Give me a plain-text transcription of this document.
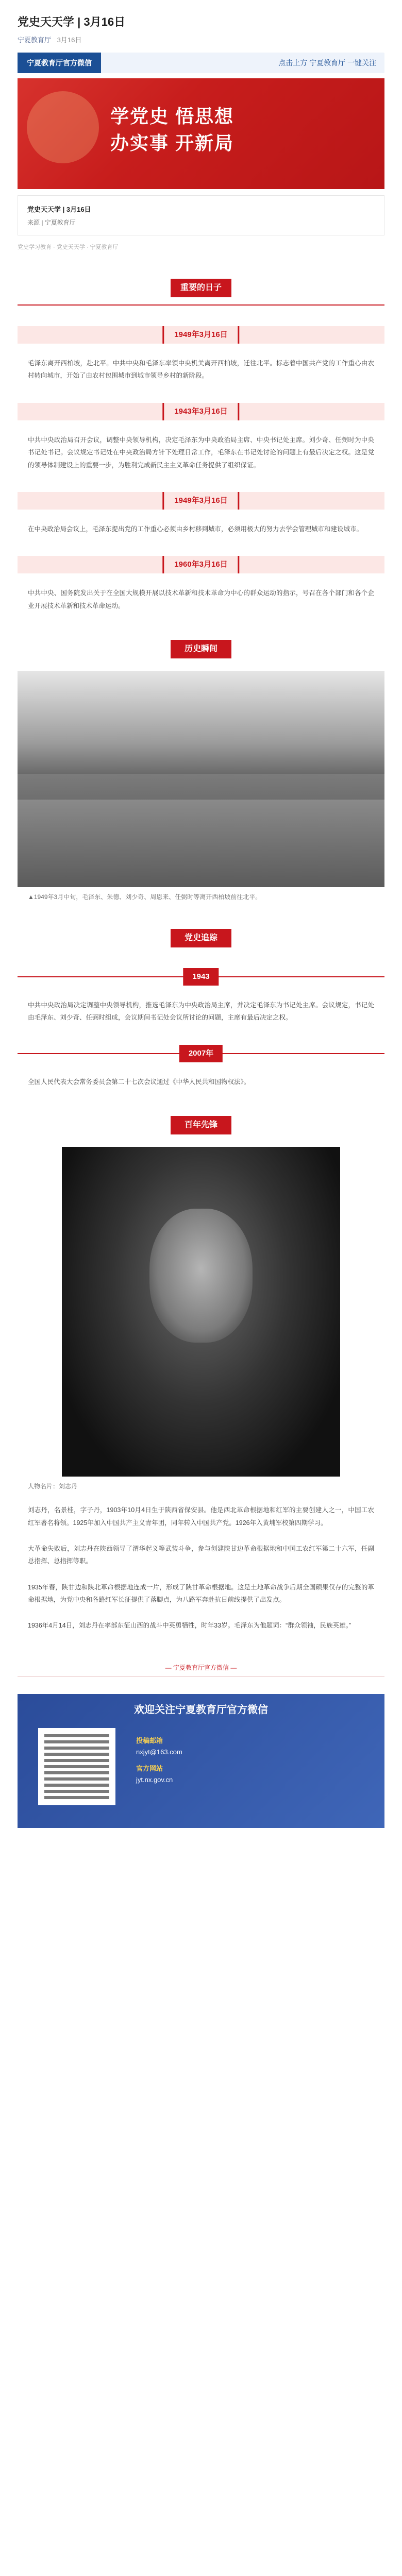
党史天天学 | 3月16日
宁夏教育厅 3月16日
宁夏教育厅官方微信	点击上方 宁夏教育厅 一键关注
学党史 悟思想
办实事 开新局
党史天天学 | 3月16日
来源 | 宁夏教育厅
党史学习教育 · 党史天天学 · 宁夏教育厅
重要的日子
1949年3月16日
毛泽东离开西柏坡，赴北平。中共中央和毛泽东率领中央机关离开西柏坡，迁往北平。标志着中国共产党的工作重心由农村转向城市，开始了由农村包围城市到城市领导乡村的新阶段。
1943年3月16日
中共中央政治局召开会议，调整中央领导机构，决定毛泽东为中央政治局主席、中央书记处主席。刘少奇、任弼时为中央书记处书记。会议规定书记处在中央政治局方针下处理日常工作，毛泽东在书记处讨论的问题上有最后决定之权。这是党的领导体制建设上的重要一步，为胜利完成新民主主义革命任务提供了组织保证。
1949年3月16日
在中央政治局会议上，毛泽东提出党的工作重心必须由乡村移到城市，必须用极大的努力去学会管理城市和建设城市。
1960年3月16日
中共中央、国务院发出关于在全国大规模开展以技术革新和技术革命为中心的群众运动的指示，号召在各个部门和各个企业开展技术革新和技术革命运动。
历史瞬间
▲1949年3月中旬，毛泽东、朱德、刘少奇、周恩来、任弼时等离开西柏坡前往北平。
党史追踪
1943
中共中央政治局决定调整中央领导机构，推选毛泽东为中央政治局主席，并决定毛泽东为书记处主席。会议规定，书记处由毛泽东、刘少奇、任弼时组成，会议期间书记处会议所讨论的问题，主席有最后决定之权。
2007年
全国人民代表大会常务委员会第二十七次会议通过《中华人民共和国物权法》。
百年先锋
人物名片：刘志丹
刘志丹，名景桂，字子丹，1903年10月4日生于陕西省保安县。他是西北革命根据地和红军的主要创建人之一，中国工农红军著名将领。1925年加入中国共产主义青年团，同年转入中国共产党。1926年入黄埔军校第四期学习。
大革命失败后，刘志丹在陕西领导了渭华起义等武装斗争，参与创建陕甘边革命根据地和中国工农红军第二十六军，任副总指挥、总指挥等职。
1935年春，陕甘边和陕北革命根据地连成一片，形成了陕甘革命根据地。这是土地革命战争后期全国硕果仅存的完整的革命根据地，为党中央和各路红军长征提供了落脚点，为八路军奔赴抗日前线提供了出发点。
1936年4月14日，刘志丹在率部东征山西的战斗中英勇牺牲，时年33岁。毛泽东为他题词：“群众领袖，民族英雄。”
— 宁夏教育厅官方微信 —
欢迎关注宁夏教育厅官方微信
投稿邮箱
nxjyt@163.com
官方网站
jyt.nx.gov.cn
